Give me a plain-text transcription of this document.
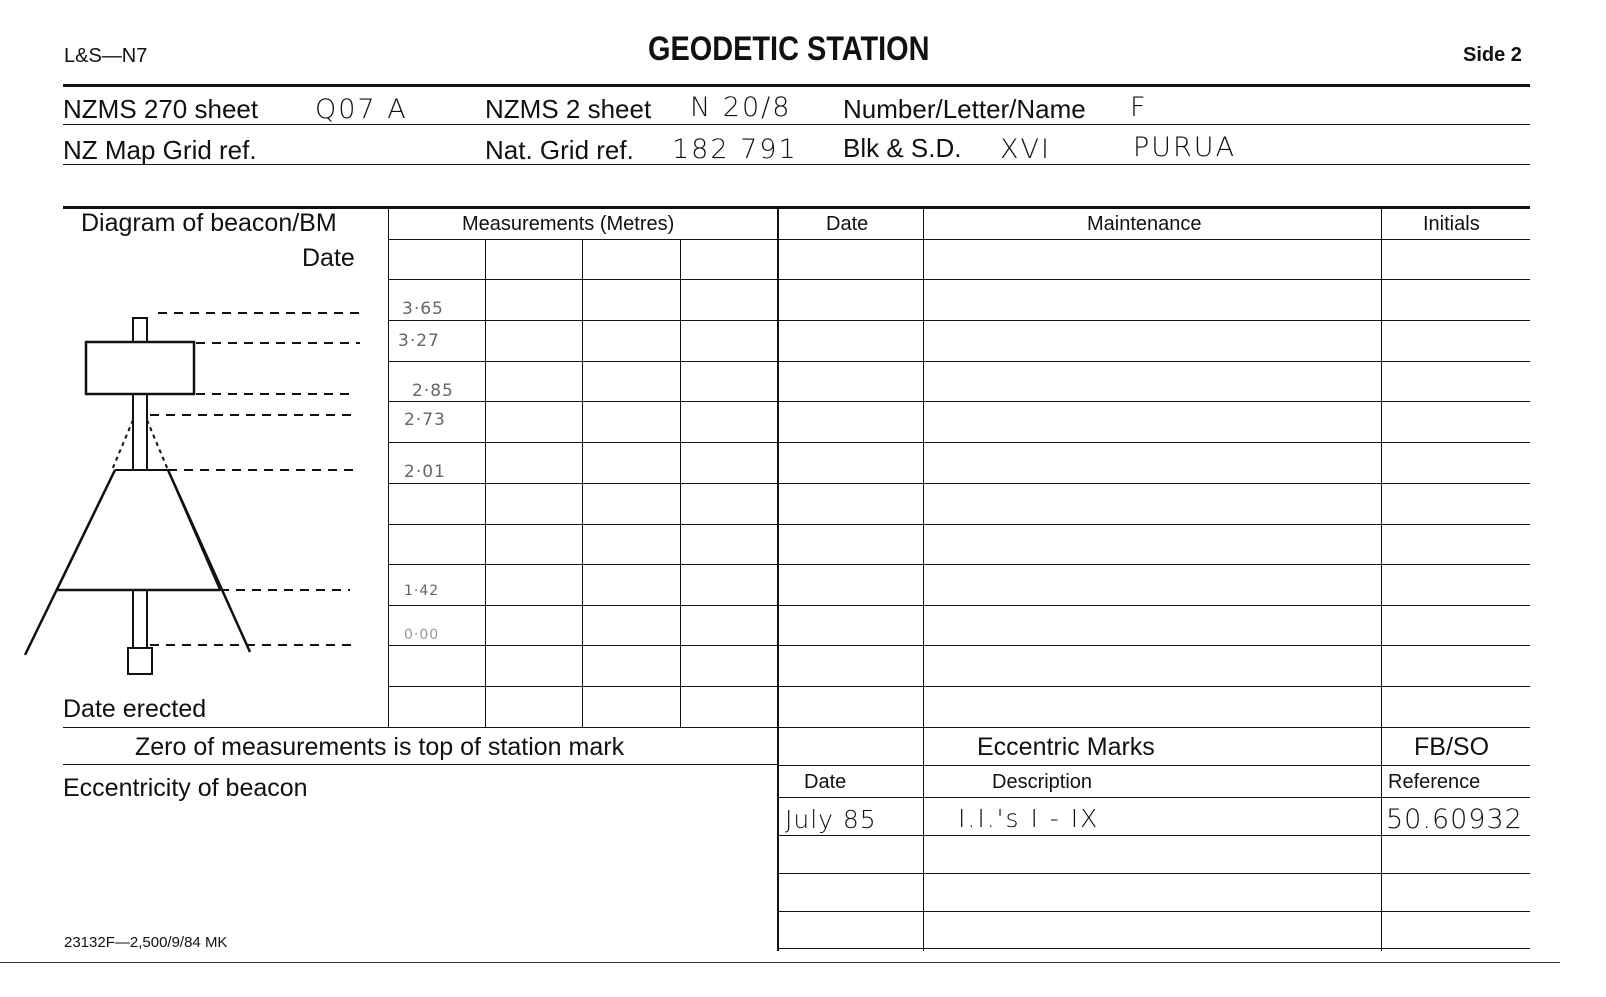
L&S—N7	GEODETIC STATION	Side 2
NZMS 270 sheet Q07 A	NZMS 2 sheet N 20/8 Number/Letter/Name F
NZ Map Grid ref.	Nat. Grid ref. 182 791 Blk & S.D. XVI	PURUA
Diagram of beacon/BM
Date
Date erected
Measurements (Metres)	Date	Maintenance	Initials
3·65
3·27
2·85
2·73
2·01
1·42
0·00
Zero of measurements is top of station mark
Eccentricity of beacon
Eccentric Marks	FB/SO
Date	Description	Reference
July 85	I.I.'s I - IX	50.60932
23132F—2,500/9/84 MK
